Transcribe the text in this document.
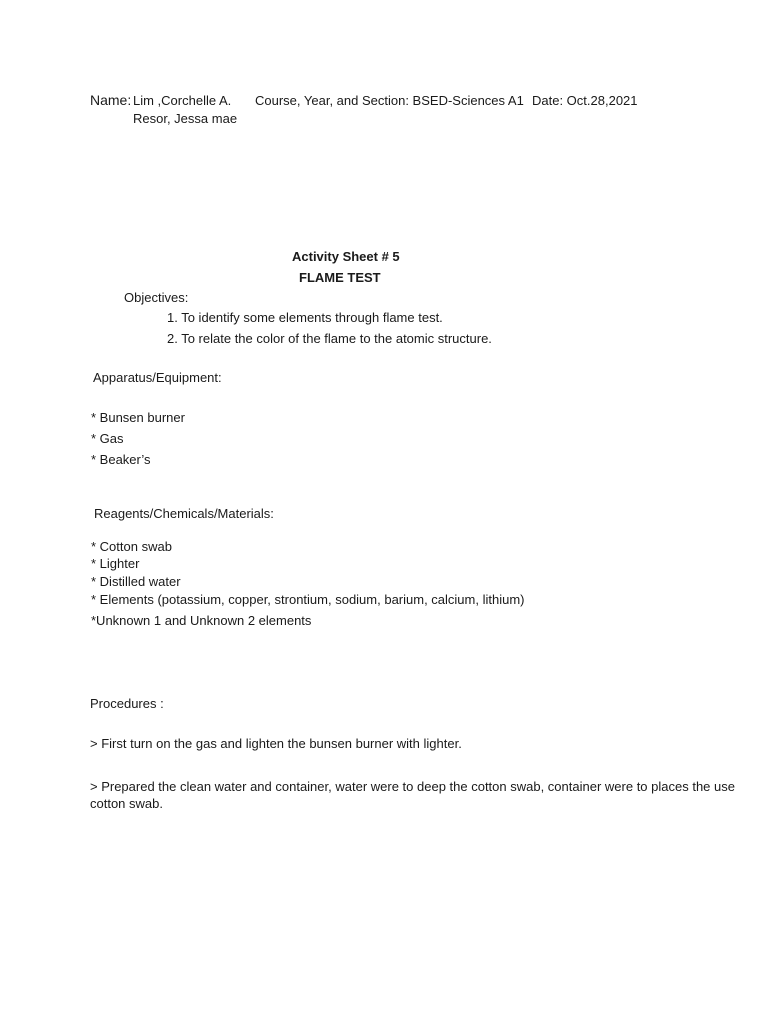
Name: Lim ,Corchelle A.
Resor, Jessa mae
Course, Year, and Section: BSED-Sciences A1 Date: Oct.28,2021
Activity Sheet # 5
FLAME TEST
Objectives:
1. To identify some elements through flame test.
2. To relate the color of the flame to the atomic structure.
Apparatus/Equipment:
* Bunsen burner
* Gas
* Beaker’s
Reagents/Chemicals/Materials:
* Cotton swab
* Lighter
* Distilled water
* Elements (potassium, copper, strontium, sodium, barium, calcium, lithium)
*Unknown 1 and Unknown 2 elements
Procedures :
> First turn on the gas and lighten the bunsen burner with lighter.
> Prepared the clean water and container, water were to deep the cotton swab, container were to places the use cotton swab.
